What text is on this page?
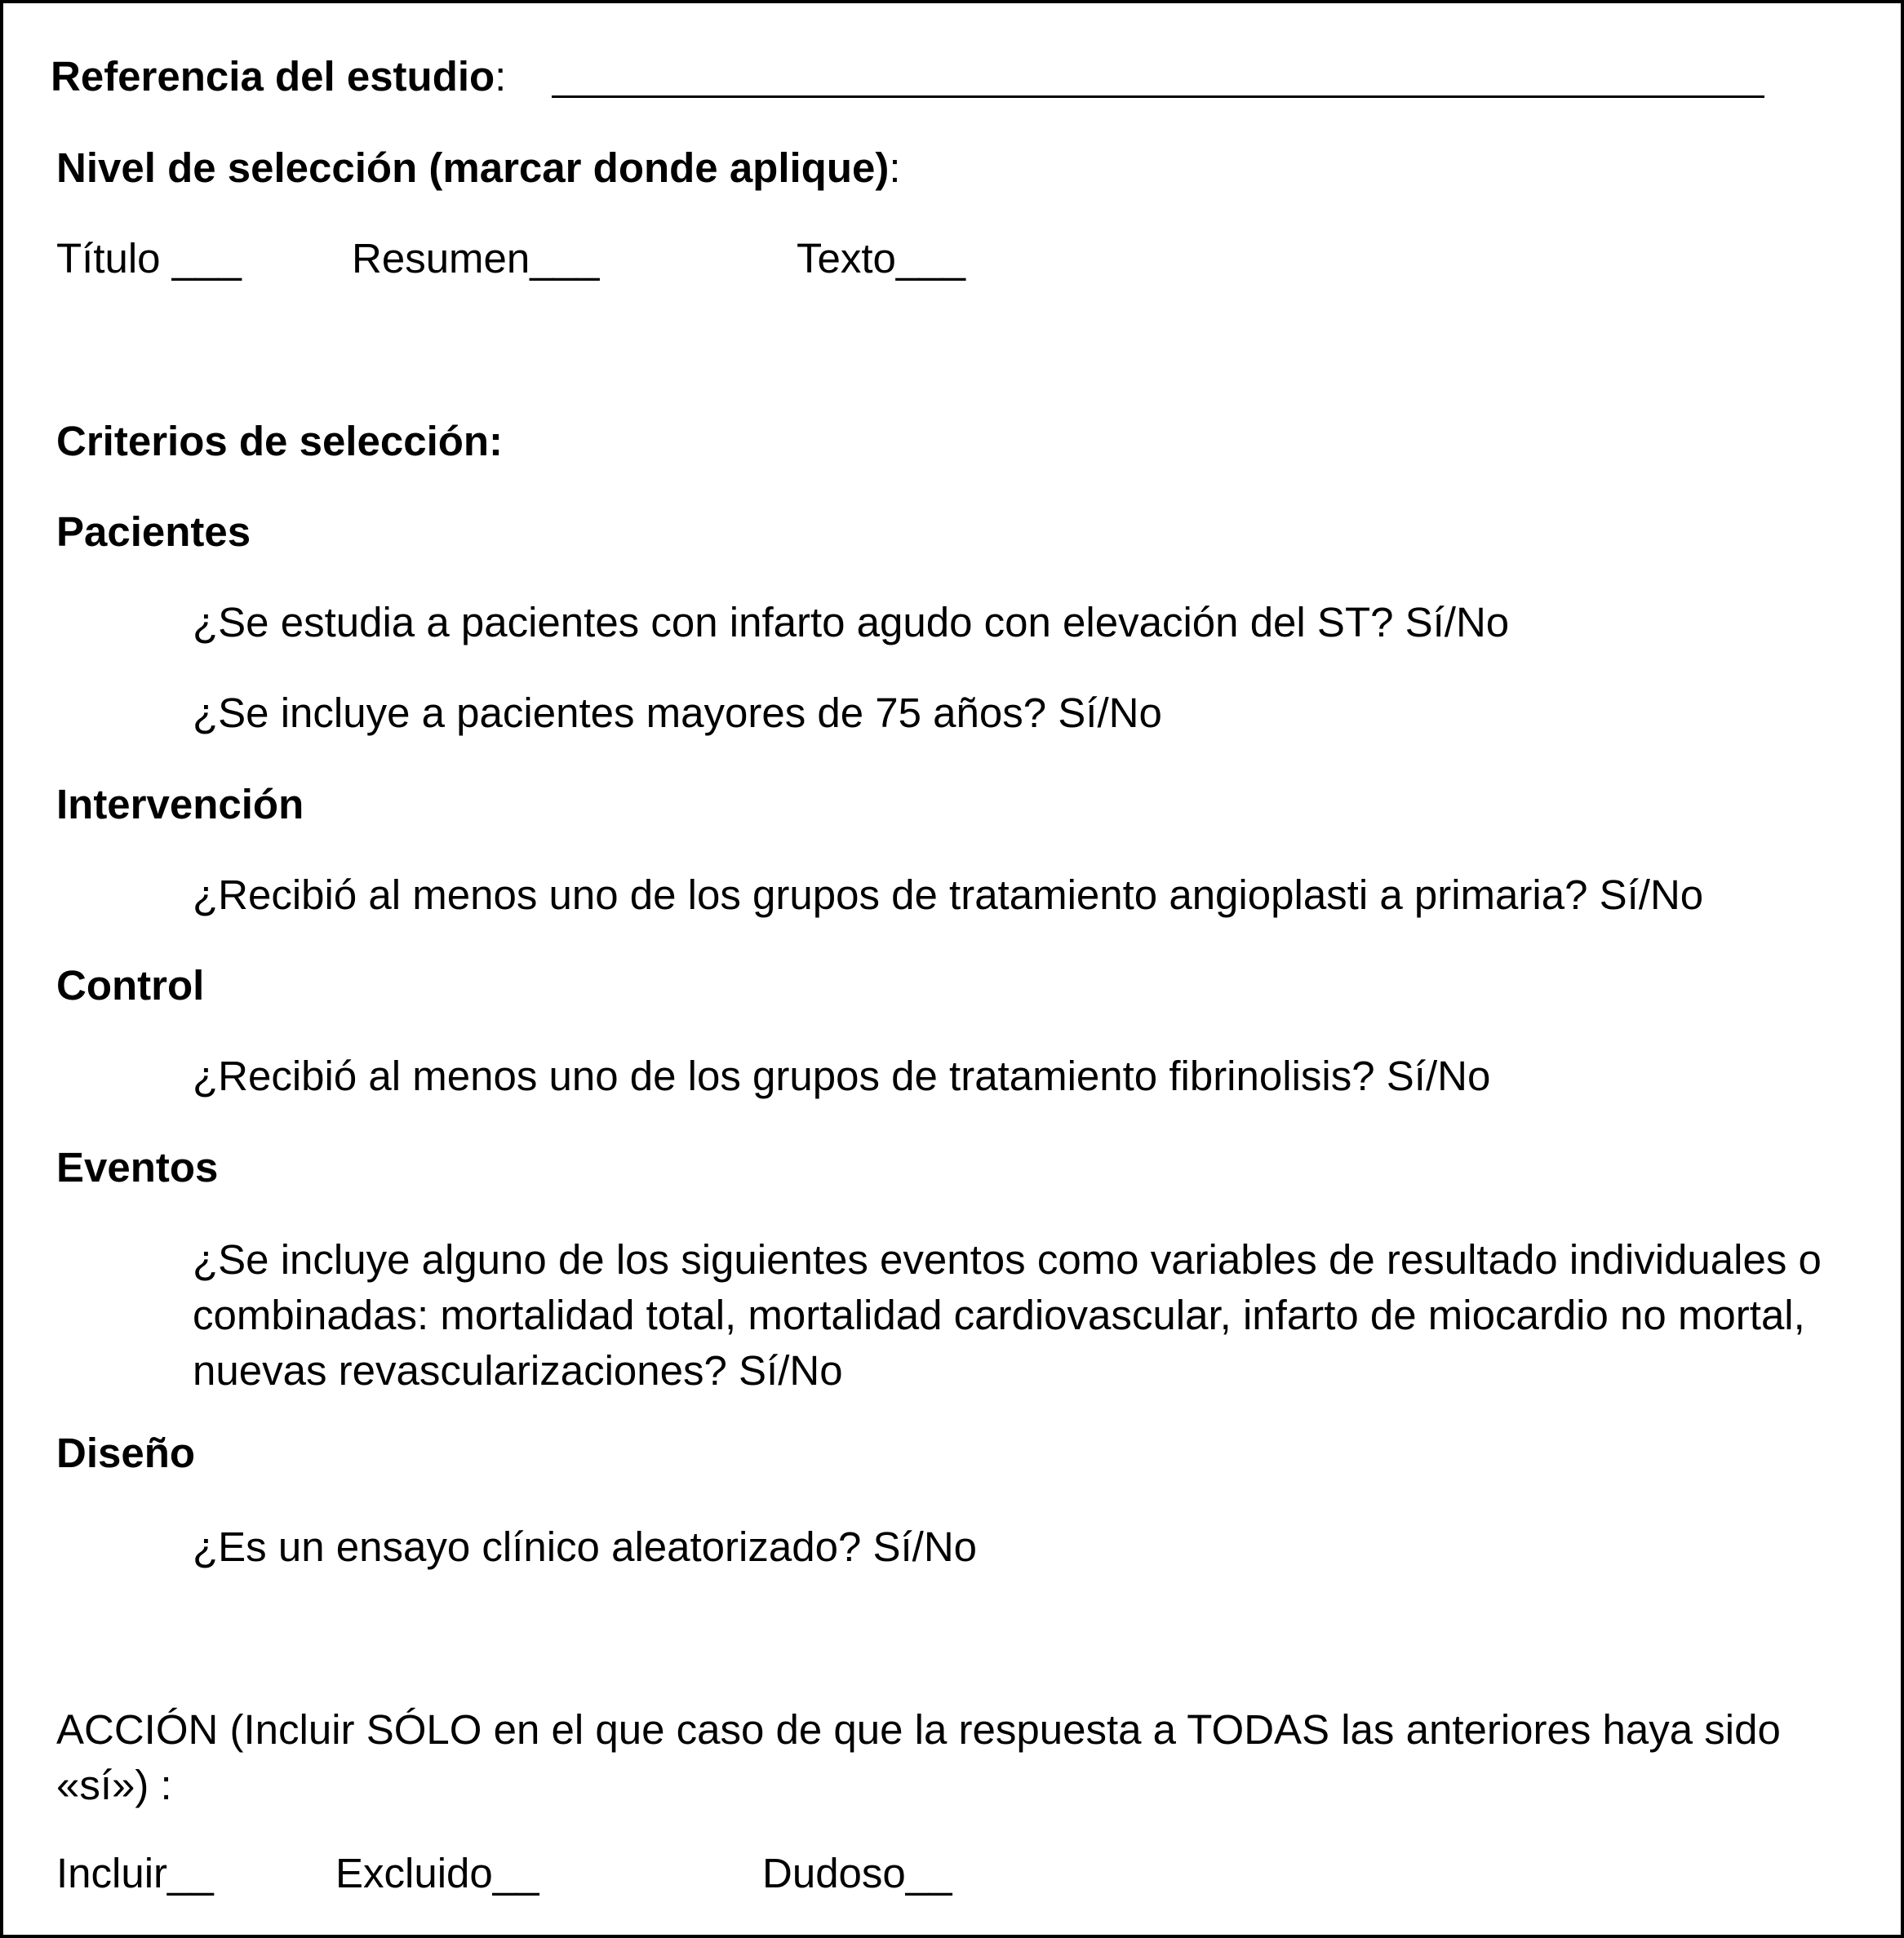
Referencia del estudio:
Nivel de selección (marcar donde aplique):
Título ___	Resumen___	Texto___
Criterios de selección:
Pacientes
¿Se estudia a pacientes con infarto agudo con elevación del ST? Sí/No
¿Se incluye a pacientes mayores de 75 años? Sí/No
Intervención
¿Recibió al menos uno de los grupos de tratamiento angioplasti a primaria? Sí/No
Control
¿Recibió al menos uno de los grupos de tratamiento fibrinolisis? Sí/No
Eventos
¿Se incluye alguno de los siguientes eventos como variables de resultado individuales o combinadas: mortalidad total, mortalidad cardiovascular, infarto de miocardio no mortal, nuevas revascularizaciones? Sí/No
Diseño
¿Es un ensayo clínico aleatorizado? Sí/No
ACCIÓN (Incluir SÓLO en el que caso de que la respuesta a TODAS las anteriores haya sido «sí») :
Incluir__	Excluido__	Dudoso__
